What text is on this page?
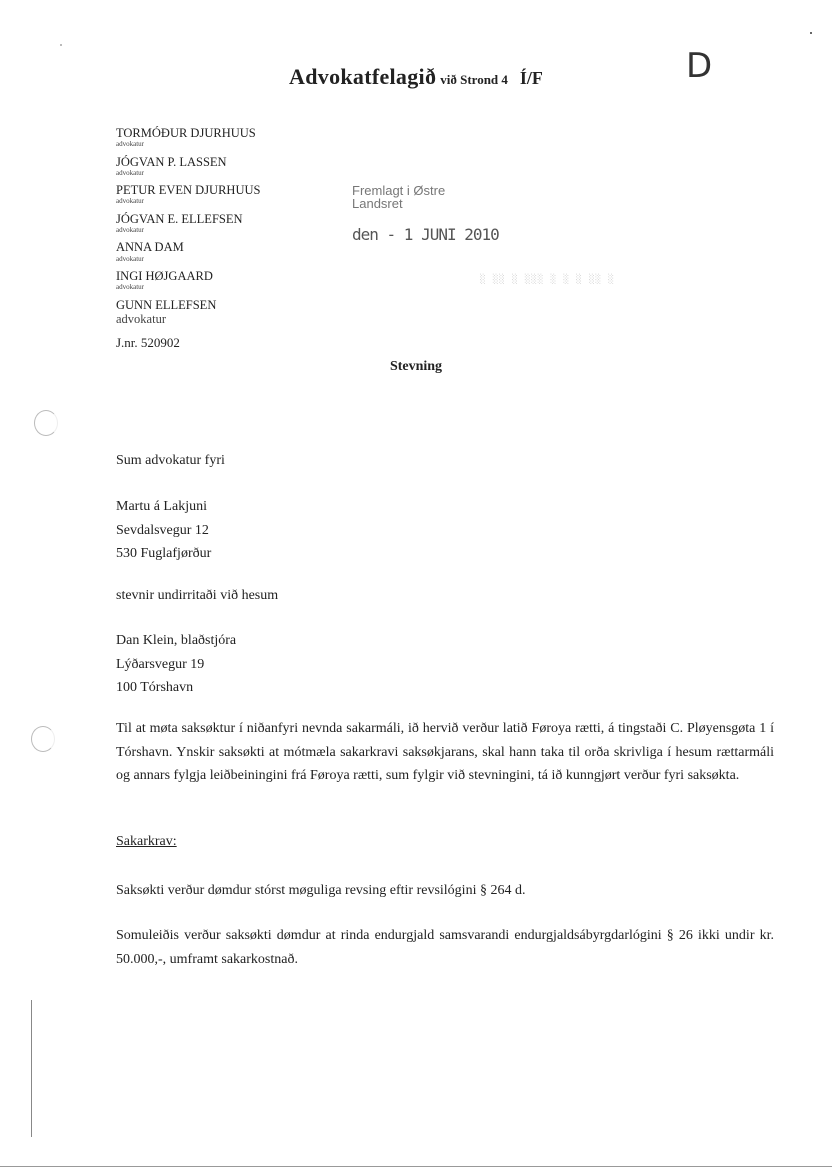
Advokatfelagið við Strond 4 Í/F	D
TORMÓÐUR DJURHUUS
advokatur
JÓGVAN P. LASSEN
advokatur
PETUR EVEN DJURHUUS
advokatur
JÓGVAN E. ELLEFSEN
advokatur
ANNA DAM
advokatur
INGI HØJGAARD
advokatur
GUNN ELLEFSEN
advokatur
J.nr. 520902
Fremlagt i Østre
Landsret
den - 1 JUNI 2010
░ ░░ ░ ░░░ ░ ░ ░ ░░ ░
Stevning
Sum advokatur fyri
Martu á Lakjuni
Sevdalsvegur 12
530 Fuglafjørður
stevnir undirritaði við hesum
Dan Klein, blaðstjóra
Lýðarsvegur 19
100 Tórshavn
Til at møta saksøktur í niðanfyri nevnda sakarmáli, ið hervið verður latið Føroya rætti, á tingstaði C. Pløyensgøta 1 í Tórshavn. Ynskir saksøkti at mótmæla sakarkravi saksøkjarans, skal hann taka til orða skrivliga í hesum rættarmáli og annars fylgja leiðbeiningini frá Føroya rætti, sum fylgir við stevningini, tá ið kunngjørt verður fyri saksøkta.
Sakarkrav:
Saksøkti verður dømdur stórst møguliga revsing eftir revsilógini § 264 d.
Somuleiðis verður saksøkti dømdur at rinda endurgjald samsvarandi endurgjaldsábyrgdarlógini § 26 ikki undir kr. 50.000,-, umframt sakarkostnað.
